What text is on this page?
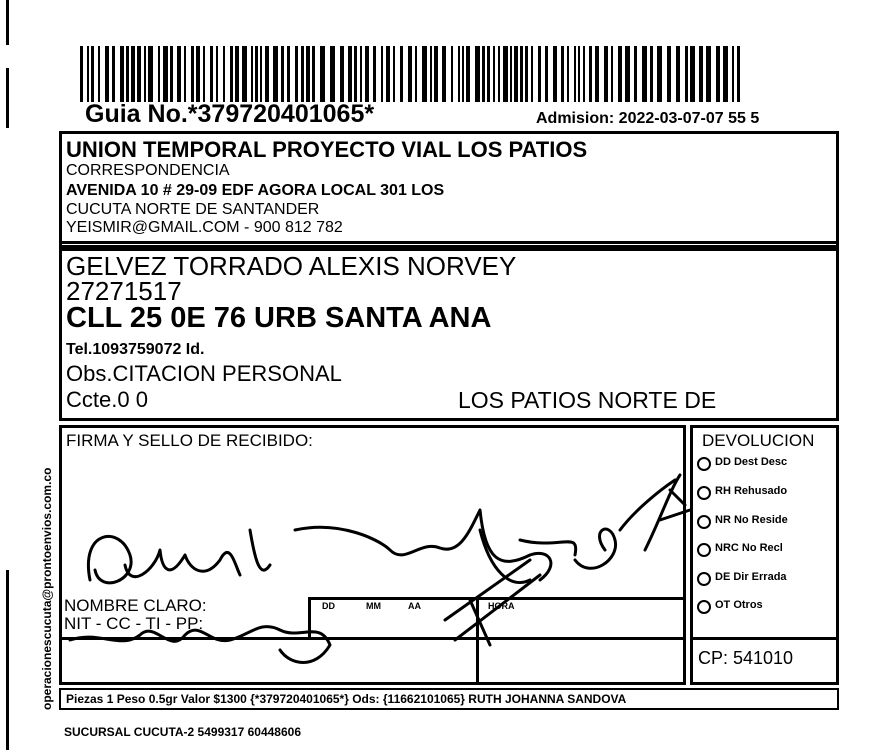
operacionescucuta@prontoenvios.com.co
Guia No.*379720401065*	Admision: 2022-03-07-07 55 5
UNION TEMPORAL PROYECTO VIAL LOS PATIOS
CORRESPONDENCIA
AVENIDA 10 # 29-09 EDF AGORA LOCAL 301 LOS
CUCUTA NORTE DE SANTANDER
YEISMIR@GMAIL.COM - 900 812 782
GELVEZ TORRADO ALEXIS NORVEY
27271517
CLL 25 0E 76 URB SANTA ANA
Tel.1093759072 Id.
Obs.CITACION PERSONAL
Ccte.0 0	LOS PATIOS NORTE DE
FIRMA Y SELLO DE RECIBIDO:
NOMBRE CLARO:
NIT - CC - TI - PP:
DD	MM	AA	HORA
DEVOLUCION
DD Dest Desc
RH Rehusado
NR No Reside
NRC No Recl
DE Dir Errada
OT Otros
CP: 541010
Piezas 1 Peso 0.5gr Valor $1300 {*379720401065*} Ods: {11662101065} RUTH JOHANNA SANDOVA
SUCURSAL CUCUTA-2 5499317 60448606
